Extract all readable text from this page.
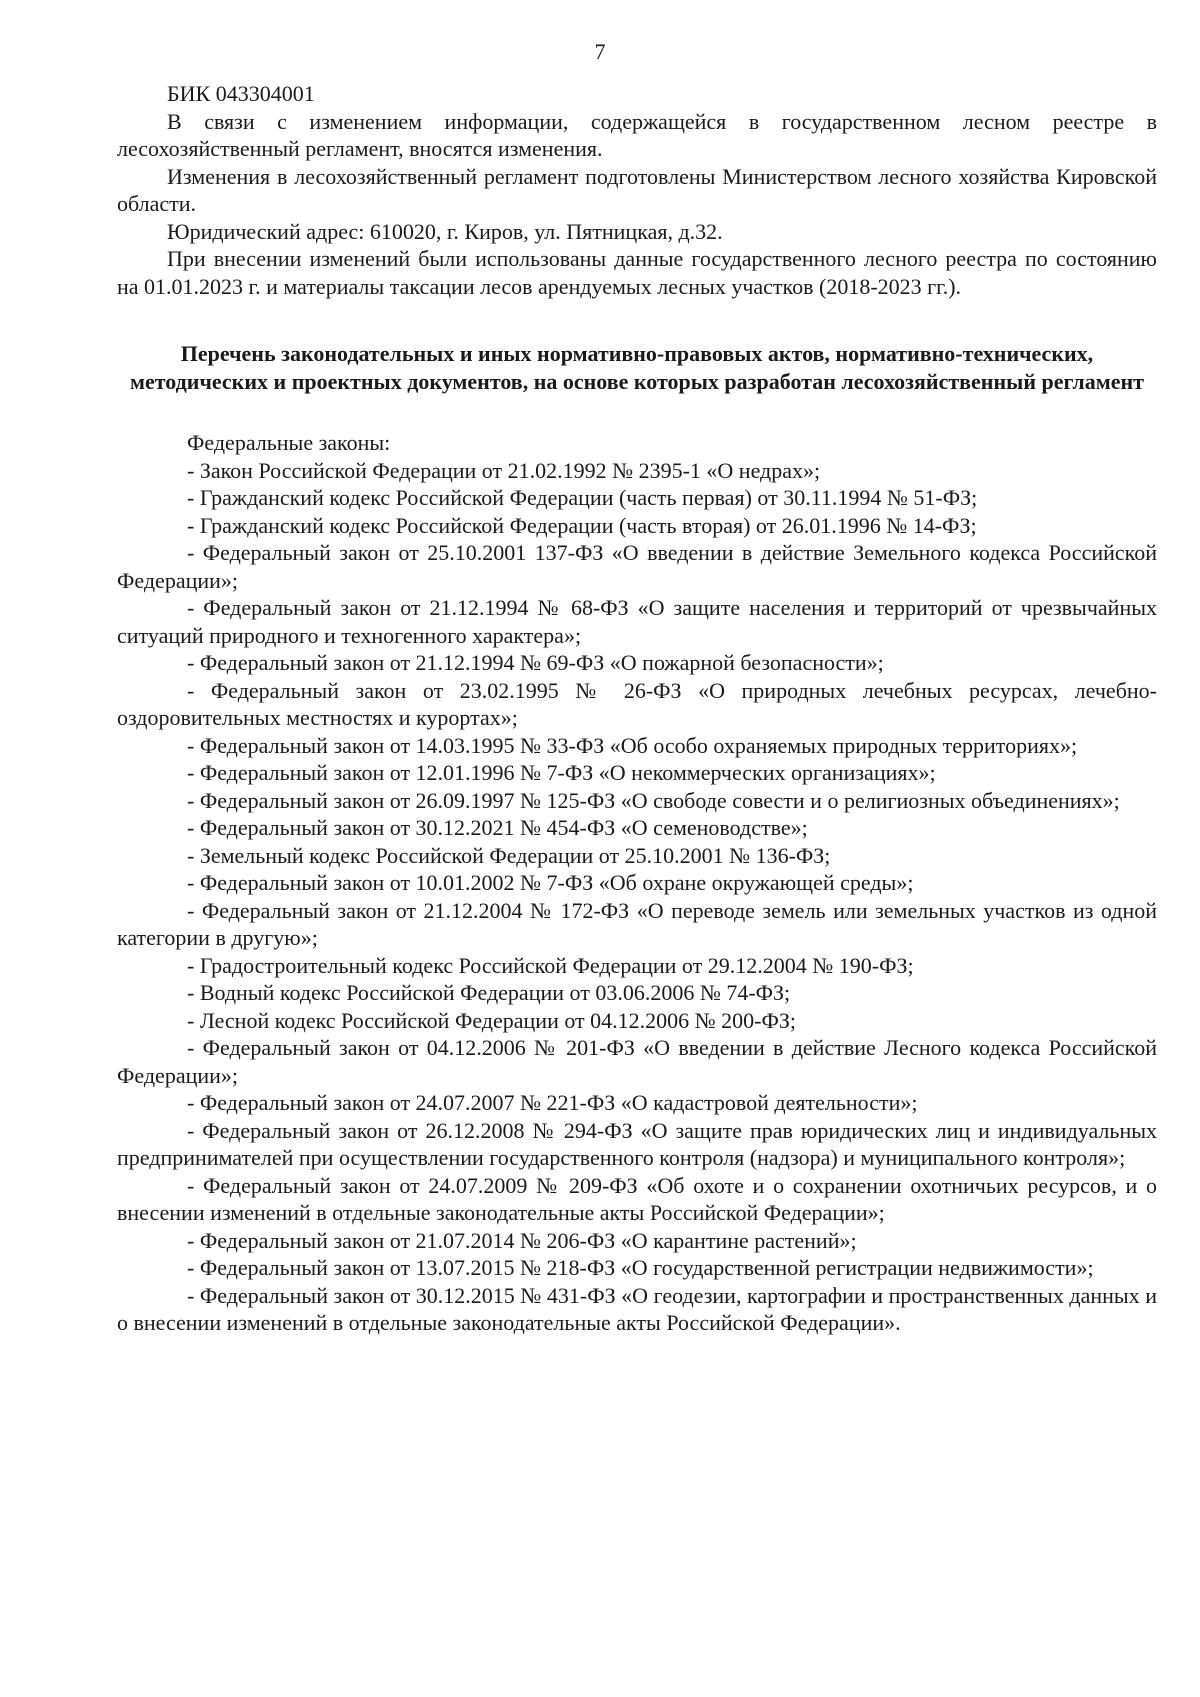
7

БИК 043304001

В связи с изменением информации, содержащейся в государственном лесном реестре в лесохозяйственный регламент, вносятся изменения.

Изменения в лесохозяйственный регламент подготовлены Министерством лесного хозяйства Кировской области.

Юридический адрес: 610020, г. Киров, ул. Пятницкая, д.32.

При внесении изменений были использованы данные государственного лесного реестра по состоянию на 01.01.2023 г. и материалы таксации лесов арендуемых лесных участков (2018-2023 гг.).

Перечень законодательных и иных нормативно-правовых актов, нормативно-технических, методических и проектных документов, на основе которых разработан лесохозяйственный регламент

Федеральные законы:

- Закон Российской Федерации от 21.02.1992 № 2395-1 «О недрах»;

- Гражданский кодекс Российской Федерации (часть первая) от 30.11.1994 № 51-ФЗ;

- Гражданский кодекс Российской Федерации (часть вторая) от 26.01.1996 № 14-ФЗ;

- Федеральный закон от 25.10.2001 137-ФЗ «О введении в действие Земельного кодекса Российской Федерации»;

- Федеральный закон от 21.12.1994 № 68-ФЗ «О защите населения и территорий от чрезвычайных ситуаций природного и техногенного характера»;

- Федеральный закон от 21.12.1994 № 69-ФЗ «О пожарной безопасности»;

- Федеральный закон от 23.02.1995 № 26-ФЗ «О природных лечебных ресурсах, лечебно-оздоровительных местностях и курортах»;

- Федеральный закон от 14.03.1995 № 33-ФЗ «Об особо охраняемых природных территориях»;

- Федеральный закон от 12.01.1996 № 7-ФЗ «О некоммерческих организациях»;

- Федеральный закон от 26.09.1997 № 125-ФЗ «О свободе совести и о религиозных объединениях»;

- Федеральный закон от 30.12.2021 № 454-ФЗ «О семеноводстве»;

- Земельный кодекс Российской Федерации от 25.10.2001 № 136-ФЗ;

- Федеральный закон от 10.01.2002 № 7-ФЗ «Об охране окружающей среды»;

- Федеральный закон от 21.12.2004 № 172-ФЗ «О переводе земель или земельных участков из одной категории в другую»;

- Градостроительный кодекс Российской Федерации от 29.12.2004 № 190-ФЗ;

- Водный кодекс Российской Федерации от 03.06.2006 № 74-ФЗ;

- Лесной кодекс Российской Федерации от 04.12.2006 № 200-ФЗ;

- Федеральный закон от 04.12.2006 № 201-ФЗ «О введении в действие Лесного кодекса Российской Федерации»;

- Федеральный закон от 24.07.2007 № 221-ФЗ «О кадастровой деятельности»;

- Федеральный закон от 26.12.2008 № 294-ФЗ «О защите прав юридических лиц и индивидуальных предпринимателей при осуществлении государственного контроля (надзора) и муниципального контроля»;

- Федеральный закон от 24.07.2009 № 209-ФЗ «Об охоте и о сохранении охотничьих ресурсов, и о внесении изменений в отдельные законодательные акты Российской Федерации»;

- Федеральный закон от 21.07.2014 № 206-ФЗ «О карантине растений»;

- Федеральный закон от 13.07.2015 № 218-ФЗ «О государственной регистрации недвижимости»;

- Федеральный закон от 30.12.2015 № 431-ФЗ «О геодезии, картографии и пространственных данных и о внесении изменений в отдельные законодательные акты Российской Федерации».
